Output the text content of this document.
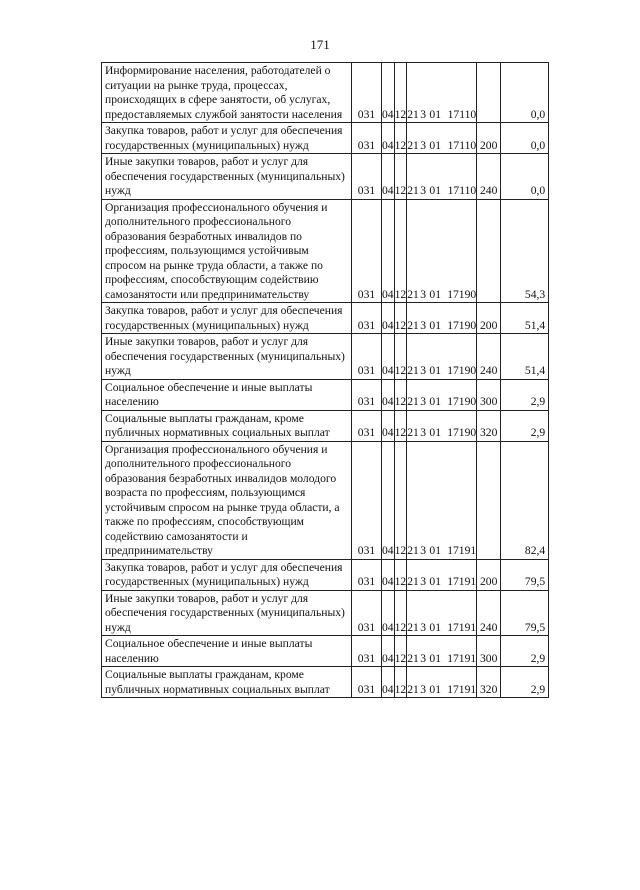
171
Информирование населения, работодателей о ситуации на рынке труда, процессах, происходящих в сфере занятости, об услугах, предоставляемых службой занятости населения	031	04	12	21 3 01 17110		0,0
Закупка товаров, работ и услуг для обеспечения государственных (муниципальных) нужд	031	04	12	21 3 01 17110	200	0,0
Иные закупки товаров, работ и услуг для обеспечения государственных (муниципальных) нужд	031	04	12	21 3 01 17110	240	0,0
Организация профессионального обучения и дополнительного профессионального образования безработных инвалидов по профессиям, пользующимся устойчивым спросом на рынке труда области, а также по профессиям, способствующим содействию самозанятости или предпринимательству	031	04	12	21 3 01 17190		54,3
Закупка товаров, работ и услуг для обеспечения государственных (муниципальных) нужд	031	04	12	21 3 01 17190	200	51,4
Иные закупки товаров, работ и услуг для обеспечения государственных (муниципальных) нужд	031	04	12	21 3 01 17190	240	51,4
Социальное обеспечение и иные выплаты населению	031	04	12	21 3 01 17190	300	2,9
Социальные выплаты гражданам, кроме публичных нормативных социальных выплат	031	04	12	21 3 01 17190	320	2,9
Организация профессионального обучения и дополнительного профессионального образования безработных инвалидов молодого возраста по профессиям, пользующимся устойчивым спросом на рынке труда области, а также по профессиям, способствующим содействию самозанятости и предпринимательству	031	04	12	21 3 01 17191		82,4
Закупка товаров, работ и услуг для обеспечения государственных (муниципальных) нужд	031	04	12	21 3 01 17191	200	79,5
Иные закупки товаров, работ и услуг для обеспечения государственных (муниципальных) нужд	031	04	12	21 3 01 17191	240	79,5
Социальное обеспечение и иные выплаты населению	031	04	12	21 3 01 17191	300	2,9
Социальные выплаты гражданам, кроме публичных нормативных социальных выплат	031	04	12	21 3 01 17191	320	2,9
